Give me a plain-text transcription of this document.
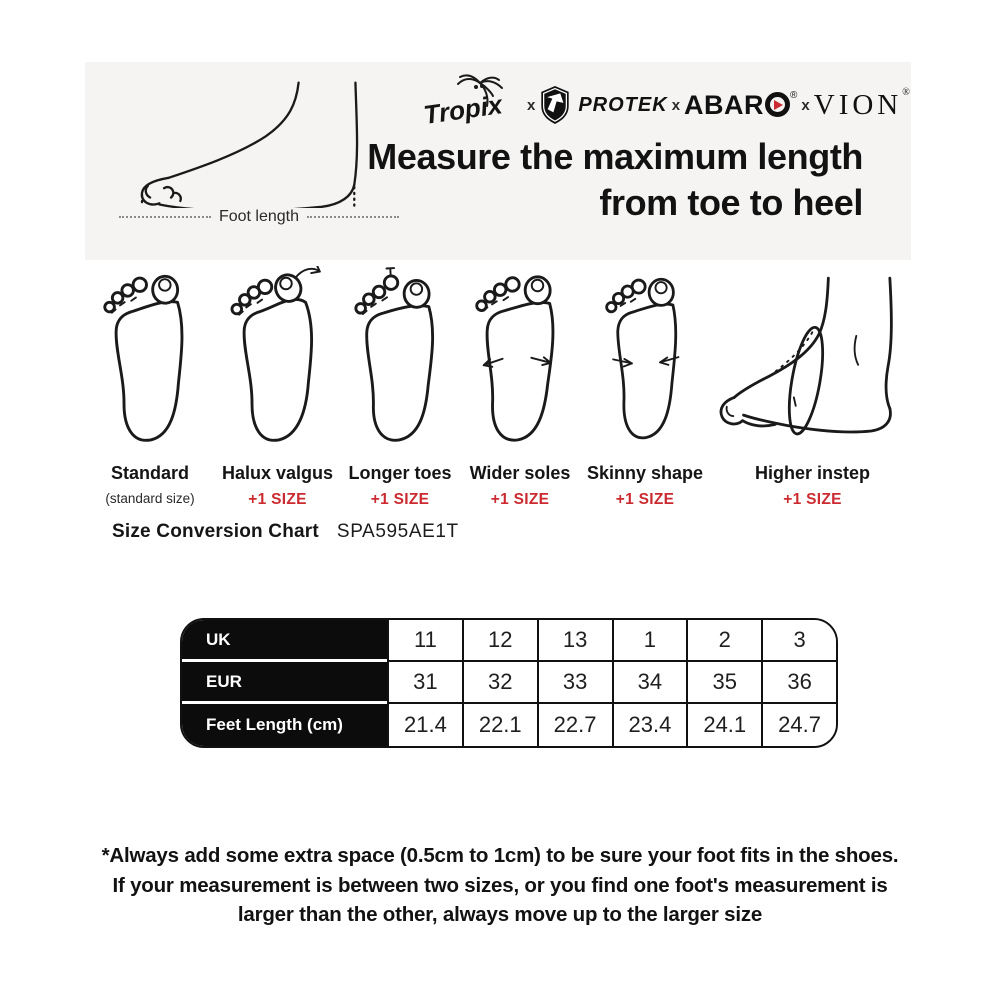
Foot length
Tropix x PROTEK x ABAR	®
x VION ®
Measure the maximum length
from toe to heel
Standard
(standard size)
Halux valgus
+1 SIZE
Longer toes
+1 SIZE
Wider soles
+1 SIZE
Skinny shape
+1 SIZE
Higher instep
+1 SIZE
Size Conversion Chart SPA595AE1T
UK	11	12	13	1	2	3
EUR	31	32	33	34	35	36
Feet Length (cm)	21.4	22.1	22.7	23.4	24.1	24.7
*Always add some extra space (0.5cm to 1cm) to be sure your foot fits in the shoes.
If your measurement is between two sizes, or you find one foot's measurement is
larger than the other, always move up to the larger size
